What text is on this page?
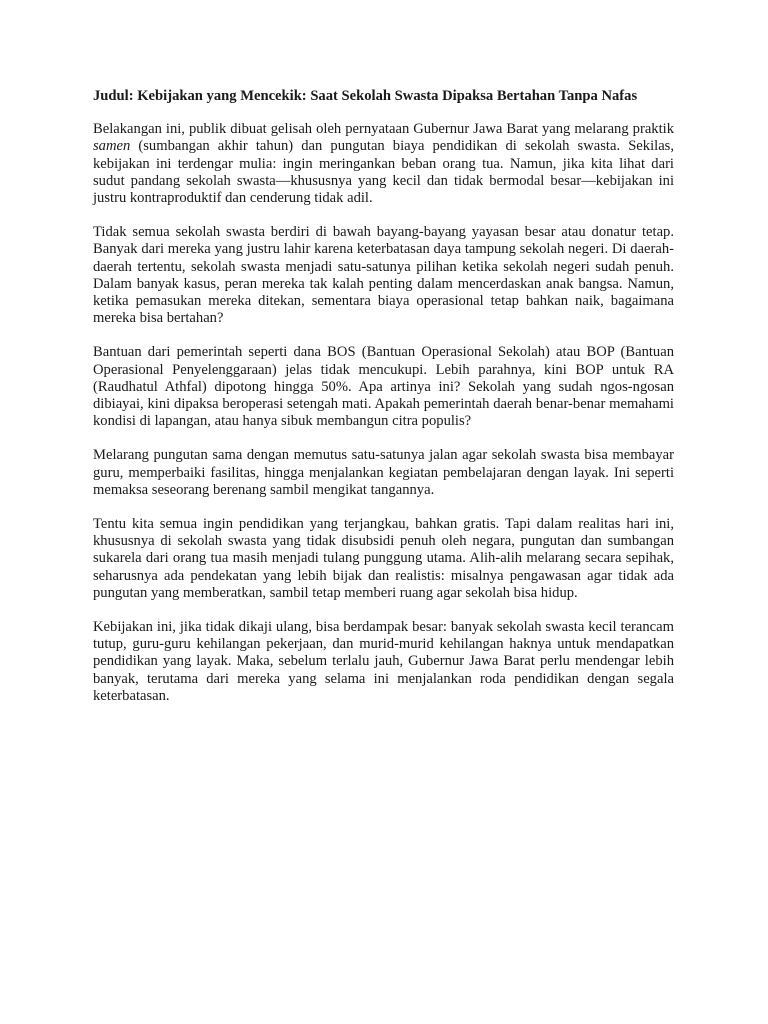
Judul: Kebijakan yang Mencekik: Saat Sekolah Swasta Dipaksa Bertahan Tanpa Nafas

Belakangan ini, publik dibuat gelisah oleh pernyataan Gubernur Jawa Barat yang melarang praktik samen (sumbangan akhir tahun) dan pungutan biaya pendidikan di sekolah swasta. Sekilas, kebijakan ini terdengar mulia: ingin meringankan beban orang tua. Namun, jika kita lihat dari sudut pandang sekolah swasta—khususnya yang kecil dan tidak bermodal besar—kebijakan ini justru kontraproduktif dan cenderung tidak adil.

Tidak semua sekolah swasta berdiri di bawah bayang-bayang yayasan besar atau donatur tetap. Banyak dari mereka yang justru lahir karena keterbatasan daya tampung sekolah negeri. Di daerah-daerah tertentu, sekolah swasta menjadi satu-satunya pilihan ketika sekolah negeri sudah penuh. Dalam banyak kasus, peran mereka tak kalah penting dalam mencerdaskan anak bangsa. Namun, ketika pemasukan mereka ditekan, sementara biaya operasional tetap bahkan naik, bagaimana mereka bisa bertahan?

Bantuan dari pemerintah seperti dana BOS (Bantuan Operasional Sekolah) atau BOP (Bantuan Operasional Penyelenggaraan) jelas tidak mencukupi. Lebih parahnya, kini BOP untuk RA (Raudhatul Athfal) dipotong hingga 50%. Apa artinya ini? Sekolah yang sudah ngos-ngosan dibiayai, kini dipaksa beroperasi setengah mati. Apakah pemerintah daerah benar-benar memahami kondisi di lapangan, atau hanya sibuk membangun citra populis?

Melarang pungutan sama dengan memutus satu-satunya jalan agar sekolah swasta bisa membayar guru, memperbaiki fasilitas, hingga menjalankan kegiatan pembelajaran dengan layak. Ini seperti memaksa seseorang berenang sambil mengikat tangannya.

Tentu kita semua ingin pendidikan yang terjangkau, bahkan gratis. Tapi dalam realitas hari ini, khususnya di sekolah swasta yang tidak disubsidi penuh oleh negara, pungutan dan sumbangan sukarela dari orang tua masih menjadi tulang punggung utama. Alih-alih melarang secara sepihak, seharusnya ada pendekatan yang lebih bijak dan realistis: misalnya pengawasan agar tidak ada pungutan yang memberatkan, sambil tetap memberi ruang agar sekolah bisa hidup.

Kebijakan ini, jika tidak dikaji ulang, bisa berdampak besar: banyak sekolah swasta kecil terancam tutup, guru-guru kehilangan pekerjaan, dan murid-murid kehilangan haknya untuk mendapatkan pendidikan yang layak. Maka, sebelum terlalu jauh, Gubernur Jawa Barat perlu mendengar lebih banyak, terutama dari mereka yang selama ini menjalankan roda pendidikan dengan segala keterbatasan.
